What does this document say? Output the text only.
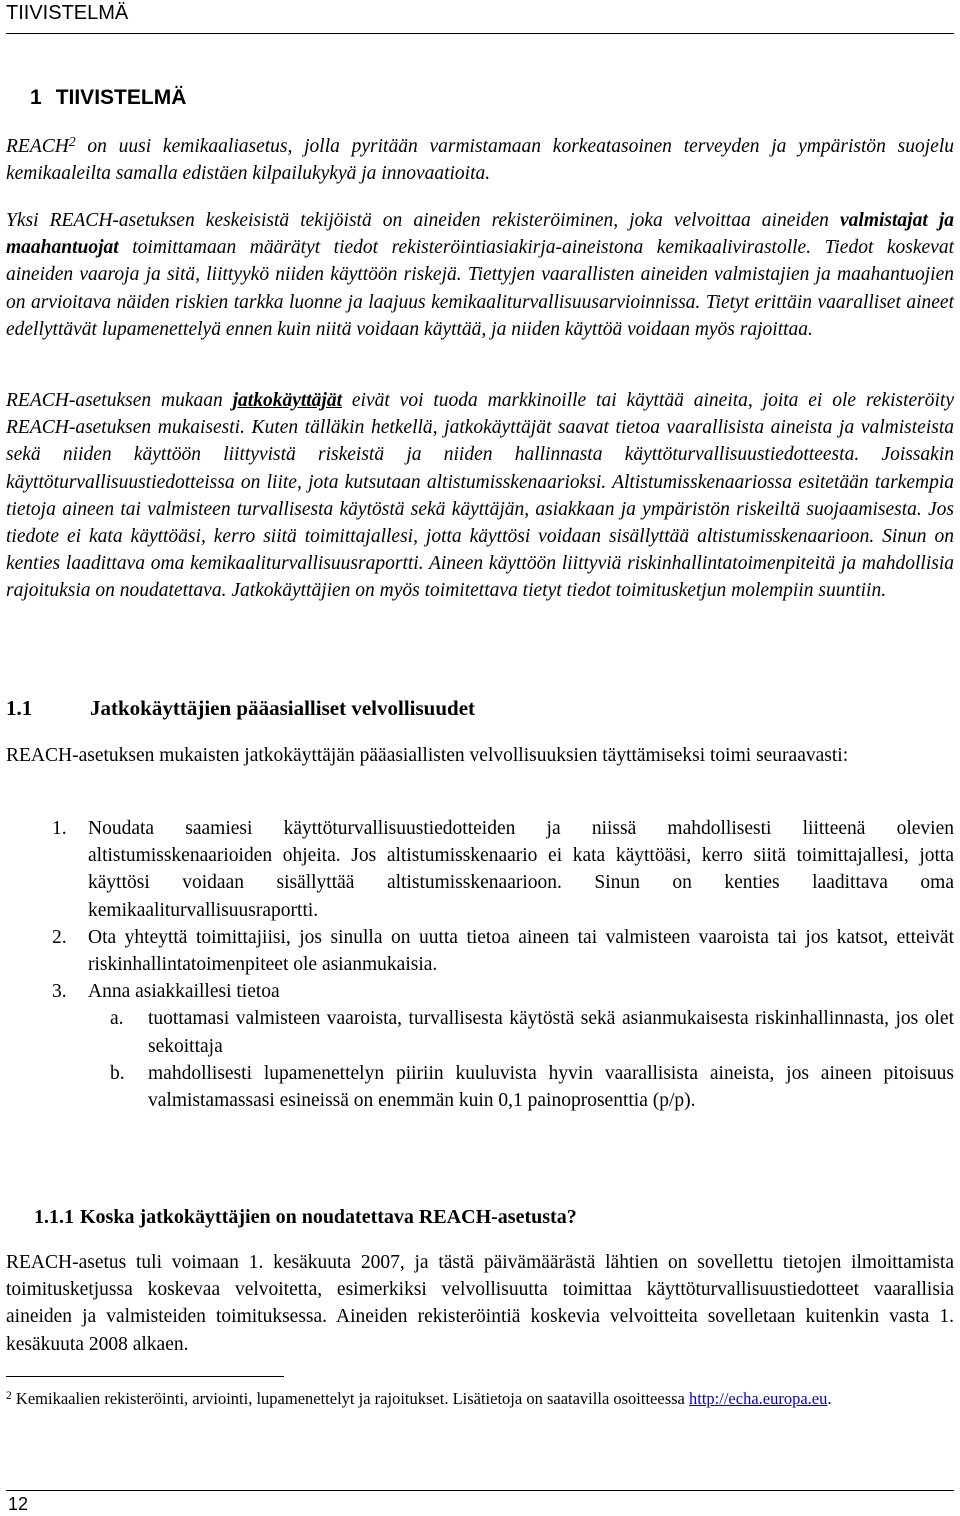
TIIVISTELMÄ
1 TIIVISTELMÄ

REACH$^2$ on uusi kemikaaliasetus, jolla pyritään varmistamaan korkeatasoinen terveyden ja ympäristön suojelu kemikaaleilta samalla edistäen kilpailukykyä ja innovaatioita.

Yksi REACH-asetuksen keskeisistä tekijöistä on aineiden rekisteröiminen, joka velvoittaa aineiden valmistajat ja maahantuojat toimittamaan määrätyt tiedot rekisteröintiasiakirja-aineistona kemikaalivirastolle. Tiedot koskevat aineiden vaaroja ja sitä, liittyykö niiden käyttöön riskejä. Tiettyjen vaarallisten aineiden valmistajien ja maahantuojien on arvioitava näiden riskien tarkka luonne ja laajuus kemikaaliturvallisuusarvioinnissa. Tietyt erittäin vaaralliset aineet edellyttävät lupamenettelyä ennen kuin niitä voidaan käyttää, ja niiden käyttöä voidaan myös rajoittaa.

REACH-asetuksen mukaan jatkokäyttäjät eivät voi tuoda markkinoille tai käyttää aineita, joita ei ole rekisteröity REACH-asetuksen mukaisesti. Kuten tälläkin hetkellä, jatkokäyttäjät saavat tietoa vaarallisista aineista ja valmisteista sekä niiden käyttöön liittyvistä riskeistä ja niiden hallinnasta käyttöturvallisuustiedotteesta. Joissakin käyttöturvallisuustiedotteissa on liite, jota kutsutaan altistumisskenaarioksi. Altistumisskenaariossa esitetään tarkempia tietoja aineen tai valmisteen turvallisesta käytöstä sekä käyttäjän, asiakkaan ja ympäristön riskeiltä suojaamisesta. Jos tiedote ei kata käyttöäsi, kerro siitä toimittajallesi, jotta käyttösi voidaan sisällyttää altistumisskenaarioon. Sinun on kenties laadittava oma kemikaaliturvallisuusraportti. Aineen käyttöön liittyviä riskinhallintatoimenpiteitä ja mahdollisia rajoituksia on noudatettava. Jatkokäyttäjien on myös toimitettava tietyt tiedot toimitusketjun molempiin suuntiin.

1.1	Jatkokäyttäjien pääasialliset velvollisuudet

REACH-asetuksen mukaisten jatkokäyttäjän pääasiallisten velvollisuuksien täyttämiseksi toimi seuraavasti:

1. Noudata saamiesi käyttöturvallisuustiedotteiden ja niissä mahdollisesti liitteenä olevien altistumisskenaarioiden ohjeita. Jos altistumisskenaario ei kata käyttöäsi, kerro siitä toimittajallesi, jotta käyttösi voidaan sisällyttää altistumisskenaarioon. Sinun on kenties laadittava oma kemikaaliturvallisuusraportti.
2. Ota yhteyttä toimittajiisi, jos sinulla on uutta tietoa aineen tai valmisteen vaaroista tai jos katsot, etteivät riskinhallintatoimenpiteet ole asianmukaisia.
3. Anna asiakkaillesi tietoa
a. tuottamasi valmisteen vaaroista, turvallisesta käytöstä sekä asianmukaisesta riskinhallinnasta, jos olet sekoittaja
b. mahdollisesti lupamenettelyn piiriin kuuluvista hyvin vaarallisista aineista, jos aineen pitoisuus valmistamassasi esineissä on enemmän kuin 0,1 painoprosenttia (p/p).
1.1.1 Koska jatkokäyttäjien on noudatettava REACH-asetusta?

REACH-asetus tuli voimaan 1. kesäkuuta 2007, ja tästä päivämäärästä lähtien on sovellettu tietojen ilmoittamista toimitusketjussa koskevaa velvoitetta, esimerkiksi velvollisuutta toimittaa käyttöturvallisuustiedotteet vaarallisia aineiden ja valmisteiden toimituksessa. Aineiden rekisteröintiä koskevia velvoitteita sovelletaan kuitenkin vasta 1. kesäkuuta 2008 alkaen.

$^2$ Kemikaalien rekisteröinti, arviointi, lupamenettelyt ja rajoitukset. Lisätietoja on saatavilla osoitteessa http://echa.europa.eu.

12
